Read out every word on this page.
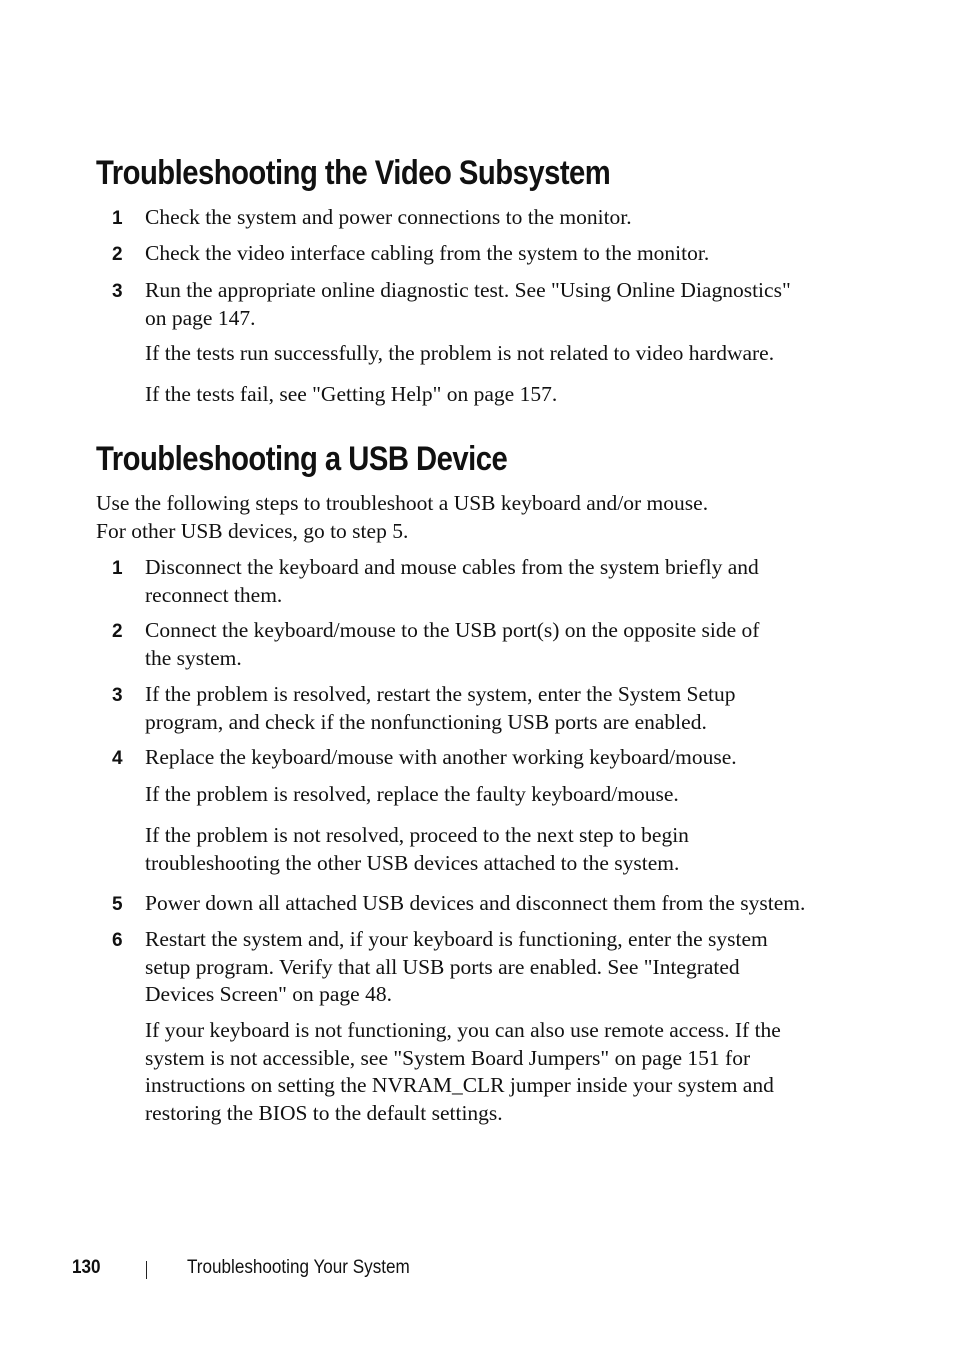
Troubleshooting the Video Subsystem
1 Check the system and power connections to the monitor.

2 Check the video interface cabling from the system to the monitor.

3 Run the appropriate online diagnostic test. See "Using Online Diagnostics"
on page 147.

If the tests run successfully, the problem is not related to video hardware.

If the tests fail, see "Getting Help" on page 157.

Troubleshooting a USB Device

Use the following steps to troubleshoot a USB keyboard and/or mouse.
For other USB devices, go to step 5.

1 Disconnect the keyboard and mouse cables from the system briefly and
reconnect them.

2 Connect the keyboard/mouse to the USB port(s) on the opposite side of
the system.

3 If the problem is resolved, restart the system, enter the System Setup
program, and check if the nonfunctioning USB ports are enabled.

4 Replace the keyboard/mouse with another working keyboard/mouse.

If the problem is resolved, replace the faulty keyboard/mouse.

If the problem is not resolved, proceed to the next step to begin
troubleshooting the other USB devices attached to the system.

5 Power down all attached USB devices and disconnect them from the system.

6 Restart the system and, if your keyboard is functioning, enter the system
setup program. Verify that all USB ports are enabled. See "Integrated
Devices Screen" on page 48.

If your keyboard is not functioning, you can also use remote access. If the
system is not accessible, see "System Board Jumpers" on page 151 for
instructions on setting the NVRAM_CLR jumper inside your system and
restoring the BIOS to the default settings.

130	Troubleshooting Your System
